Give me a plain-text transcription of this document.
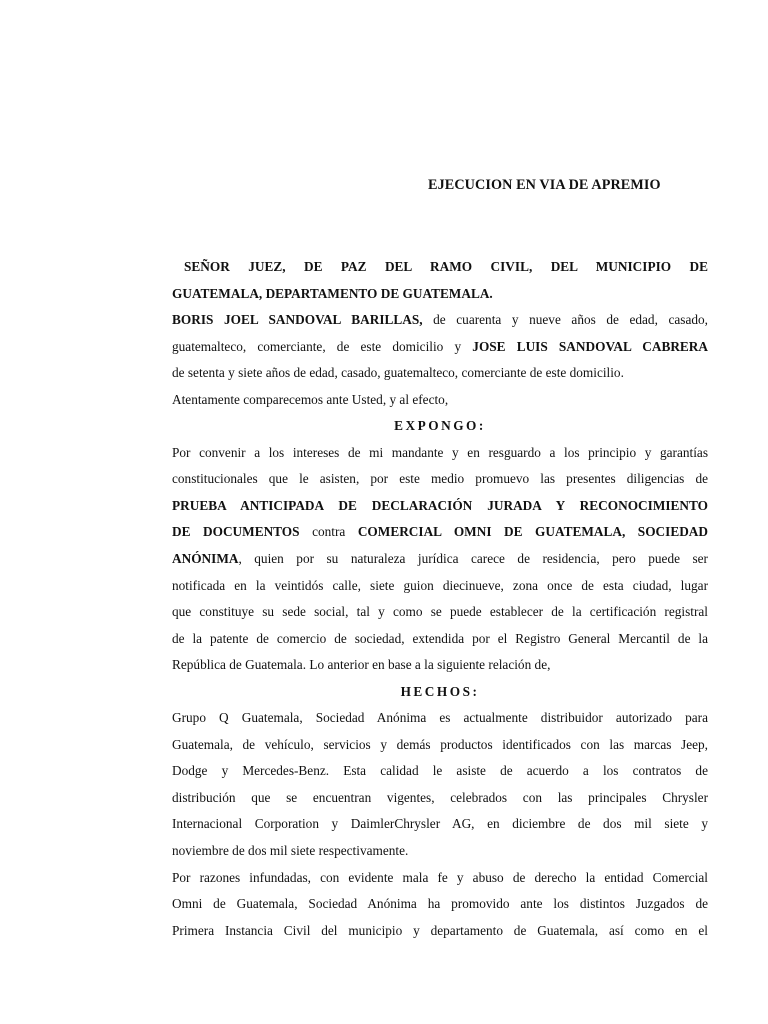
EJECUCION EN VIA DE APREMIO
SEÑOR JUEZ, DE PAZ DEL RAMO CIVIL, DEL MUNICIPIO DE
GUATEMALA, DEPARTAMENTO DE GUATEMALA.
BORIS JOEL SANDOVAL BARILLAS, de cuarenta y nueve años de edad, casado,
guatemalteco, comerciante, de este domicilio y JOSE LUIS SANDOVAL CABRERA
de setenta y siete años de edad, casado, guatemalteco, comerciante de este domicilio.
Atentamente comparecemos ante Usted, y al efecto,
EXPONGO:
Por convenir a los intereses de mi mandante y en resguardo a los principio y garantías
constitucionales que le asisten, por este medio promuevo las presentes diligencias de
PRUEBA ANTICIPADA DE DECLARACIÓN JURADA Y RECONOCIMIENTO
DE DOCUMENTOS contra COMERCIAL OMNI DE GUATEMALA, SOCIEDAD
ANÓNIMA, quien por su naturaleza jurídica carece de residencia, pero puede ser
notificada en la veintidós calle, siete guion diecinueve, zona once de esta ciudad, lugar
que constituye su sede social, tal y como se puede establecer de la certificación registral
de la patente de comercio de sociedad, extendida por el Registro General Mercantil de la
República de Guatemala. Lo anterior en base a la siguiente relación de,
HECHOS:
Grupo Q Guatemala, Sociedad Anónima es actualmente distribuidor autorizado para
Guatemala, de vehículo, servicios y demás productos identificados con las marcas Jeep,
Dodge y Mercedes-Benz. Esta calidad le asiste de acuerdo a los contratos de
distribución que se encuentran vigentes, celebrados con las principales Chrysler
Internacional Corporation y DaimlerChrysler AG, en diciembre de dos mil siete y
noviembre de dos mil siete respectivamente.
Por razones infundadas, con evidente mala fe y abuso de derecho la entidad Comercial
Omni de Guatemala, Sociedad Anónima ha promovido ante los distintos Juzgados de
Primera Instancia Civil del municipio y departamento de Guatemala, así como en el
